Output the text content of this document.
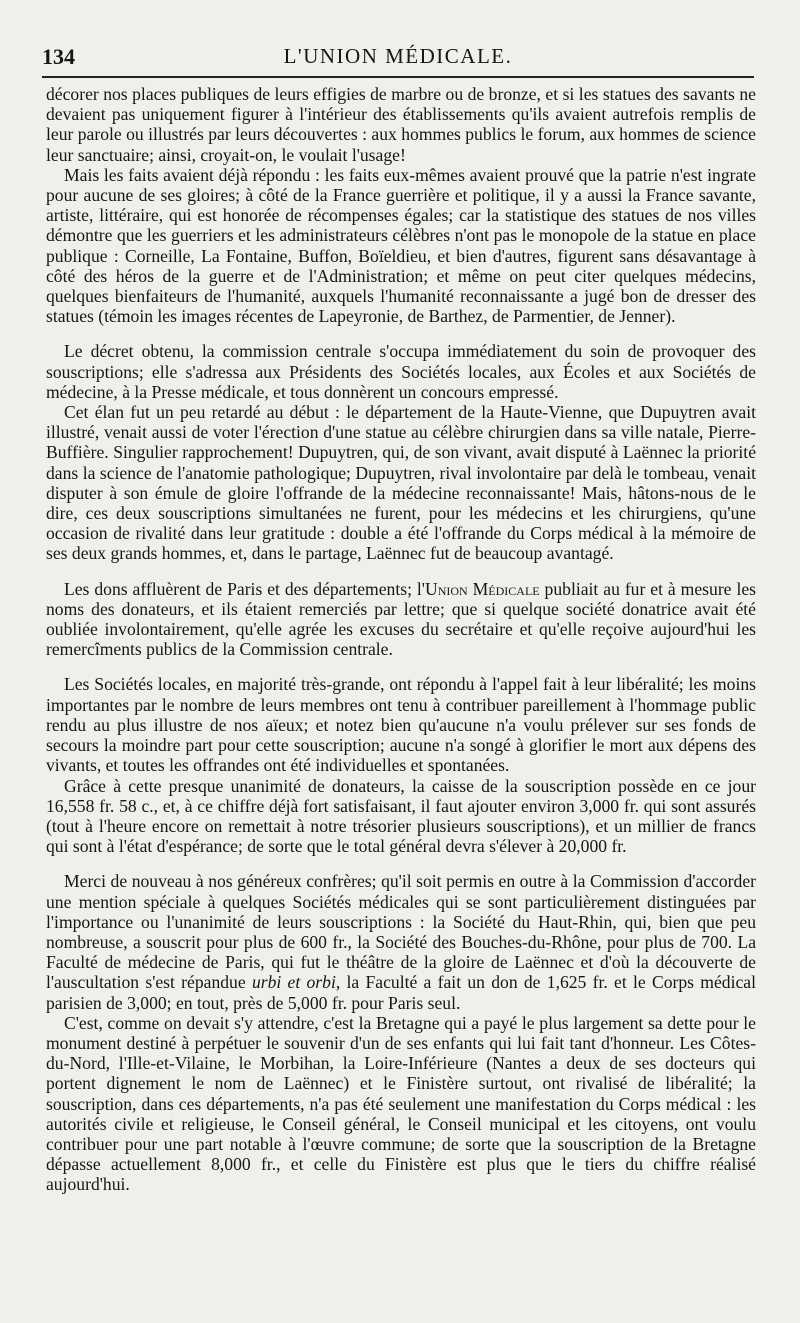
134	L'UNION MÉDICALE.

décorer nos places publiques de leurs effigies de marbre ou de bronze, et si les statues des savants ne devaient pas uniquement figurer à l'intérieur des établissements qu'ils avaient autrefois remplis de leur parole ou illustrés par leurs découvertes : aux hommes publics le forum, aux hommes de science leur sanctuaire; ainsi, croyait-on, le voulait l'usage!

Mais les faits avaient déjà répondu : les faits eux-mêmes avaient prouvé que la patrie n'est ingrate pour aucune de ses gloires; à côté de la France guerrière et politique, il y a aussi la France savante, artiste, littéraire, qui est honorée de récompenses égales; car la statistique des statues de nos villes démontre que les guerriers et les administrateurs célèbres n'ont pas le monopole de la statue en place publique : Corneille, La Fontaine, Buffon, Boïeldieu, et bien d'autres, figurent sans désavantage à côté des héros de la guerre et de l'Administration; et même on peut citer quelques médecins, quelques bienfaiteurs de l'humanité, auxquels l'humanité reconnaissante a jugé bon de dresser des statues (témoin les images récentes de Lapeyronie, de Barthez, de Parmentier, de Jenner).

Le décret obtenu, la commission centrale s'occupa immédiatement du soin de provoquer des souscriptions; elle s'adressa aux Présidents des Sociétés locales, aux Écoles et aux Sociétés de médecine, à la Presse médicale, et tous donnèrent un concours empressé.

Cet élan fut un peu retardé au début : le département de la Haute-Vienne, que Dupuytren avait illustré, venait aussi de voter l'érection d'une statue au célèbre chirurgien dans sa ville natale, Pierre-Buffière. Singulier rapprochement! Dupuytren, qui, de son vivant, avait disputé à Laënnec la priorité dans la science de l'anatomie pathologique; Dupuytren, rival involontaire par delà le tombeau, venait disputer à son émule de gloire l'offrande de la médecine reconnaissante! Mais, hâtons-nous de le dire, ces deux souscriptions simultanées ne furent, pour les médecins et les chirurgiens, qu'une occasion de rivalité dans leur gratitude : double a été l'offrande du Corps médical à la mémoire de ses deux grands hommes, et, dans le partage, Laënnec fut de beaucoup avantagé.

Les dons affluèrent de Paris et des départements; l'Union Médicale publiait au fur et à mesure les noms des donateurs, et ils étaient remerciés par lettre; que si quelque société donatrice avait été oubliée involontairement, qu'elle agrée les excuses du secrétaire et qu'elle reçoive aujourd'hui les remercîments publics de la Commission centrale.

Les Sociétés locales, en majorité très-grande, ont répondu à l'appel fait à leur libéralité; les moins importantes par le nombre de leurs membres ont tenu à contribuer pareillement à l'hommage public rendu au plus illustre de nos aïeux; et notez bien qu'aucune n'a voulu prélever sur ses fonds de secours la moindre part pour cette souscription; aucune n'a songé à glorifier le mort aux dépens des vivants, et toutes les offrandes ont été individuelles et spontanées.

Grâce à cette presque unanimité de donateurs, la caisse de la souscription possède en ce jour 16,558 fr. 58 c., et, à ce chiffre déjà fort satisfaisant, il faut ajouter environ 3,000 fr. qui sont assurés (tout à l'heure encore on remettait à notre trésorier plusieurs souscriptions), et un millier de francs qui sont à l'état d'espérance; de sorte que le total général devra s'élever à 20,000 fr.

Merci de nouveau à nos généreux confrères; qu'il soit permis en outre à la Commission d'accorder une mention spéciale à quelques Sociétés médicales qui se sont particulièrement distinguées par l'importance ou l'unanimité de leurs souscriptions : la Société du Haut-Rhin, qui, bien que peu nombreuse, a souscrit pour plus de 600 fr., la Société des Bouches-du-Rhône, pour plus de 700. La Faculté de médecine de Paris, qui fut le théâtre de la gloire de Laënnec et d'où la découverte de l'auscultation s'est répandue urbi et orbi, la Faculté a fait un don de 1,625 fr. et le Corps médical parisien de 3,000; en tout, près de 5,000 fr. pour Paris seul.

C'est, comme on devait s'y attendre, c'est la Bretagne qui a payé le plus largement sa dette pour le monument destiné à perpétuer le souvenir d'un de ses enfants qui lui fait tant d'honneur. Les Côtes-du-Nord, l'Ille-et-Vilaine, le Morbihan, la Loire-Inférieure (Nantes a deux de ses docteurs qui portent dignement le nom de Laënnec) et le Finistère surtout, ont rivalisé de libéralité; la souscription, dans ces départements, n'a pas été seulement une manifestation du Corps médical : les autorités civile et religieuse, le Conseil général, le Conseil municipal et les citoyens, ont voulu contribuer pour une part notable à l'œuvre commune; de sorte que la souscription de la Bretagne dépasse actuellement 8,000 fr., et celle du Finistère est plus que le tiers du chiffre réalisé aujourd'hui.
